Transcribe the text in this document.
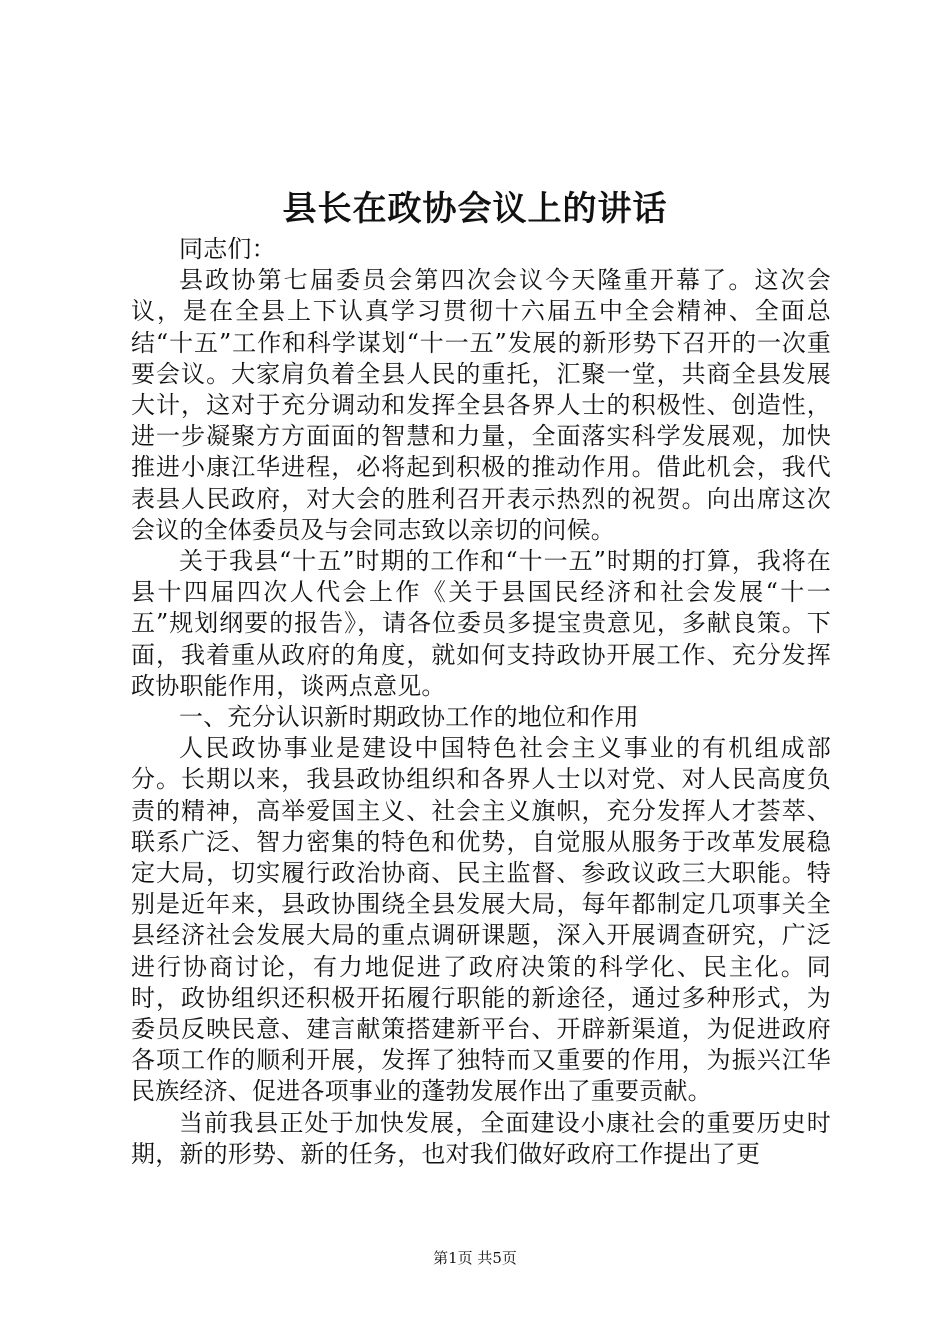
县长在政协会议上的讲话

同志们：

县政协第七届委员会第四次会议今天隆重开幕了。这次会议，是在全县上下认真学习贯彻十六届五中全会精神、全面总结“十五”工作和科学谋划“十一五”发展的新形势下召开的一次重要会议。大家肩负着全县人民的重托，汇聚一堂，共商全县发展大计，这对于充分调动和发挥全县各界人士的积极性、创造性，进一步凝聚方方面面的智慧和力量，全面落实科学发展观，加快推进小康江华进程，必将起到积极的推动作用。借此机会，我代表县人民政府，对大会的胜利召开表示热烈的祝贺。向出席这次会议的全体委员及与会同志致以亲切的问候。

关于我县“十五”时期的工作和“十一五”时期的打算，我将在县十四届四次人代会上作《关于县国民经济和社会发展“十一五”规划纲要的报告》，请各位委员多提宝贵意见，多献良策。下面，我着重从政府的角度，就如何支持政协开展工作、充分发挥政协职能作用，谈两点意见。

一、充分认识新时期政协工作的地位和作用

人民政协事业是建设中国特色社会主义事业的有机组成部分。长期以来，我县政协组织和各界人士以对党、对人民高度负责的精神，高举爱国主义、社会主义旗帜，充分发挥人才荟萃、联系广泛、智力密集的特色和优势，自觉服从服务于改革发展稳定大局，切实履行政治协商、民主监督、参政议政三大职能。特别是近年来，县政协围绕全县发展大局，每年都制定几项事关全县经济社会发展大局的重点调研课题，深入开展调查研究，广泛进行协商讨论，有力地促进了政府决策的科学化、民主化。同时，政协组织还积极开拓履行职能的新途径，通过多种形式，为委员反映民意、建言献策搭建新平台、开辟新渠道，为促进政府各项工作的顺利开展，发挥了独特而又重要的作用，为振兴江华民族经济、促进各项事业的蓬勃发展作出了重要贡献。

当前我县正处于加快发展，全面建设小康社会的重要历史时期，新的形势、新的任务，也对我们做好政府工作提出了更

第1页 共5页
